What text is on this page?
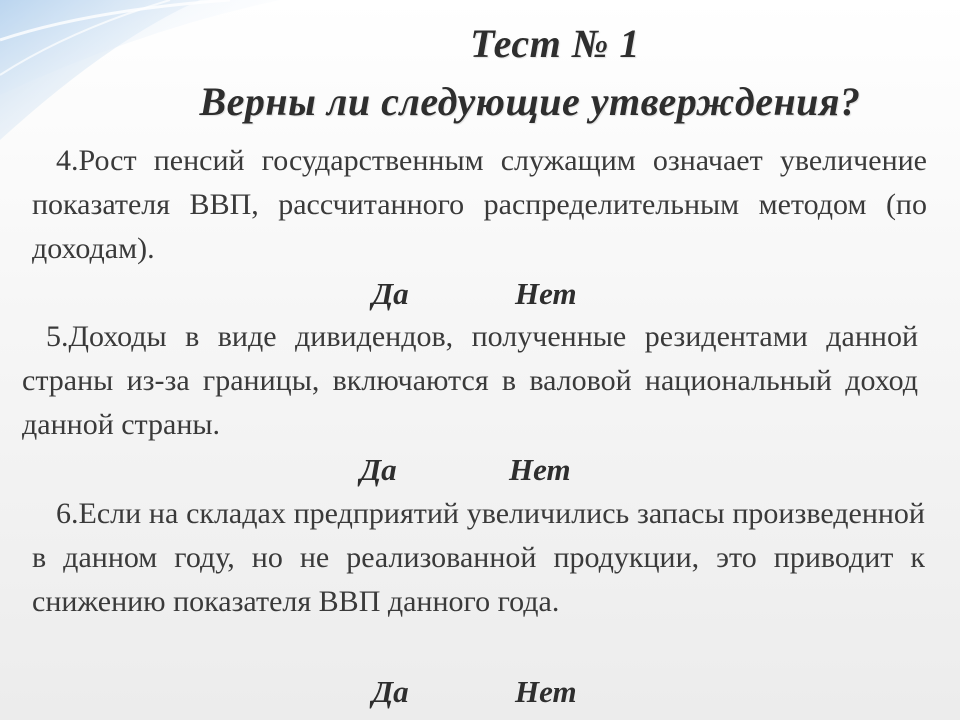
Тест № 1
Верны ли следующие утверждения?
4.Рост пенсий государственным служащим означает увеличение показателя ВВП, рассчитанного распределительным методом (по доходам).
Да	Нет
5.Доходы в виде дивидендов, полученные резидентами данной страны из-за границы, включаются в валовой национальный доход данной страны.
Да	Нет
6.Если на складах предприятий увеличились запасы произведенной в данном году, но не реализованной продукции, это приводит к снижению показателя ВВП данного года.
Да	Нет
